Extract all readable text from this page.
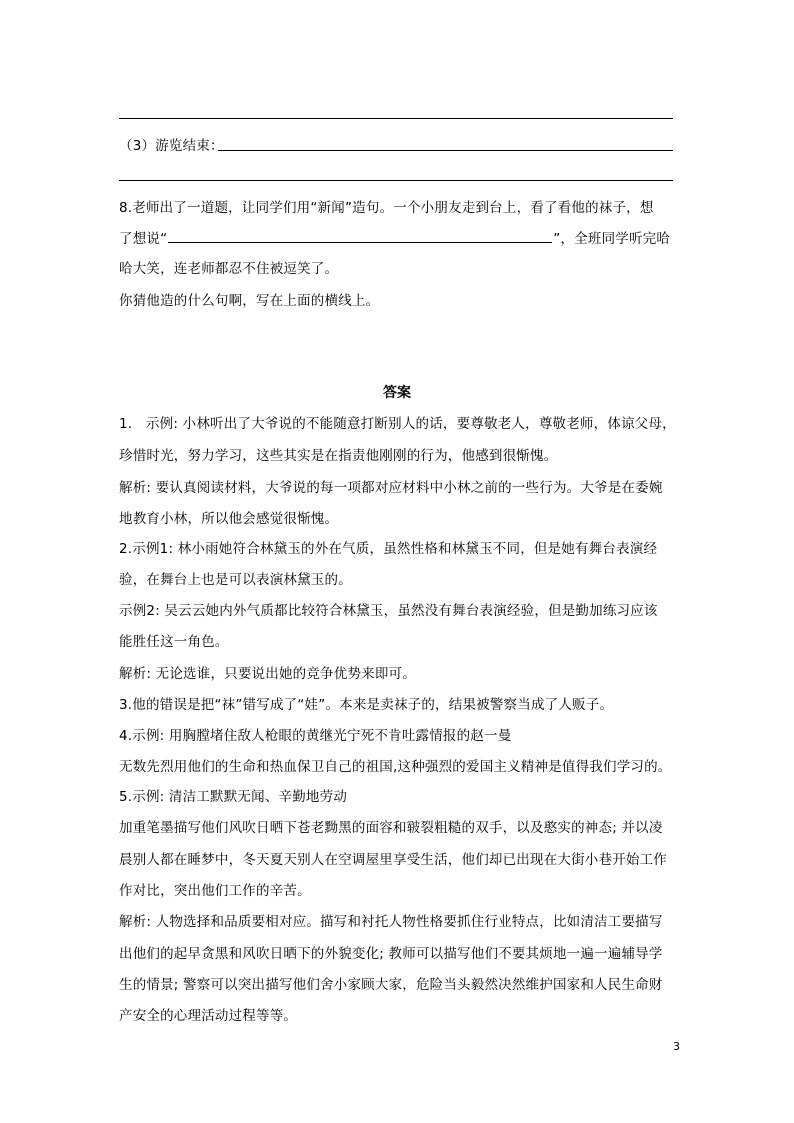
（3）游览结束：
8.老师出了一道题，让同学们用“新闻”造句。一个小朋友走到台上，看了看他的袜子，想
了想说“	”，全班同学听完哈
哈大笑，连老师都忍不住被逗笑了。
你猜他造的什么句啊，写在上面的横线上。
答案
1.　示例: 小林听出了大爷说的不能随意打断别人的话，要尊敬老人，尊敬老师，体谅父母，
珍惜时光，努力学习，这些其实是在指责他刚刚的行为，他感到很惭愧。
解析: 要认真阅读材料，大爷说的每一项都对应材料中小林之前的一些行为。大爷是在委婉
地教育小林，所以他会感觉很惭愧。
2.示例1: 林小雨她符合林黛玉的外在气质，虽然性格和林黛玉不同，但是她有舞台表演经
验，在舞台上也是可以表演林黛玉的。
示例2: 吴云云她内外气质都比较符合林黛玉，虽然没有舞台表演经验，但是勤加练习应该
能胜任这一角色。
解析: 无论选谁，只要说出她的竞争优势来即可。
3.他的错误是把“袜”错写成了“娃”。本来是卖袜子的，结果被警察当成了人贩子。
4.示例: 用胸膛堵住敌人枪眼的黄继光宁死不肯吐露情报的赵一曼
无数先烈用他们的生命和热血保卫自己的祖国,这种强烈的爱国主义精神是值得我们学习的。
5.示例: 清洁工默默无闻、辛勤地劳动
加重笔墨描写他们风吹日晒下苍老黝黑的面容和皲裂粗糙的双手，以及憨实的神态; 并以凌
晨别人都在睡梦中，冬天夏天别人在空调屋里享受生活，他们却已出现在大街小巷开始工作
作对比，突出他们工作的辛苦。
解析: 人物选择和品质要相对应。描写和衬托人物性格要抓住行业特点，比如清洁工要描写
出他们的起早贪黑和风吹日晒下的外貌变化; 教师可以描写他们不要其烦地一遍一遍辅导学
生的情景; 警察可以突出描写他们舍小家顾大家，危险当头毅然决然维护国家和人民生命财
产安全的心理活动过程等等。
3
